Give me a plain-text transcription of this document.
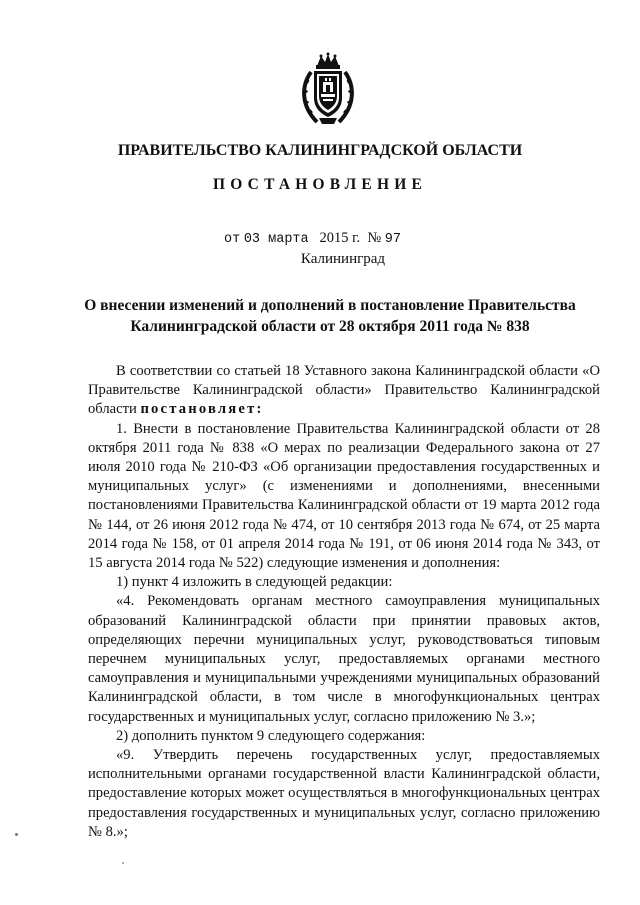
ПРАВИТЕЛЬСТВО КАЛИНИНГРАДСКОЙ ОБЛАСТИ
ПОСТАНОВЛЕНИЕ
от 03 марта 2015 г. № 97
Калининград
О внесении изменений и дополнений в постановление Правительства Калининградской области от 28 октября 2011 года № 838

В соответствии со статьей 18 Уставного закона Калининградской области «О Правительстве Калининградской области» Правительство Калининградской области постановляет:

1. Внести в постановление Правительства Калининградской области от 28 октября 2011 года № 838 «О мерах по реализации Федерального закона от 27 июля 2010 года № 210-ФЗ «Об организации предоставления государственных и муниципальных услуг» (с изменениями и дополнениями, внесенными постановлениями Правительства Калининградской области от 19 марта 2012 года № 144, от 26 июня 2012 года № 474, от 10 сентября 2013 года № 674, от 25 марта 2014 года № 158, от 01 апреля 2014 года № 191, от 06 июня 2014 года № 343, от 15 августа 2014 года № 522) следующие изменения и дополнения:

1) пункт 4 изложить в следующей редакции:

«4. Рекомендовать органам местного самоуправления муниципальных образований Калининградской области при принятии правовых актов, определяющих перечни муниципальных услуг, руководствоваться типовым перечнем муниципальных услуг, предоставляемых органами местного самоуправления и муниципальными учреждениями муниципальных образований Калининградской области, в том числе в многофункциональных центрах государственных и муниципальных услуг, согласно приложению № 3.»;

2) дополнить пунктом 9 следующего содержания:

«9. Утвердить перечень государственных услуг, предоставляемых исполнительными органами государственной власти Калининградской области, предоставление которых может осуществляться в многофункциональных центрах предоставления государственных и муниципальных услуг, согласно приложению № 8.»;
